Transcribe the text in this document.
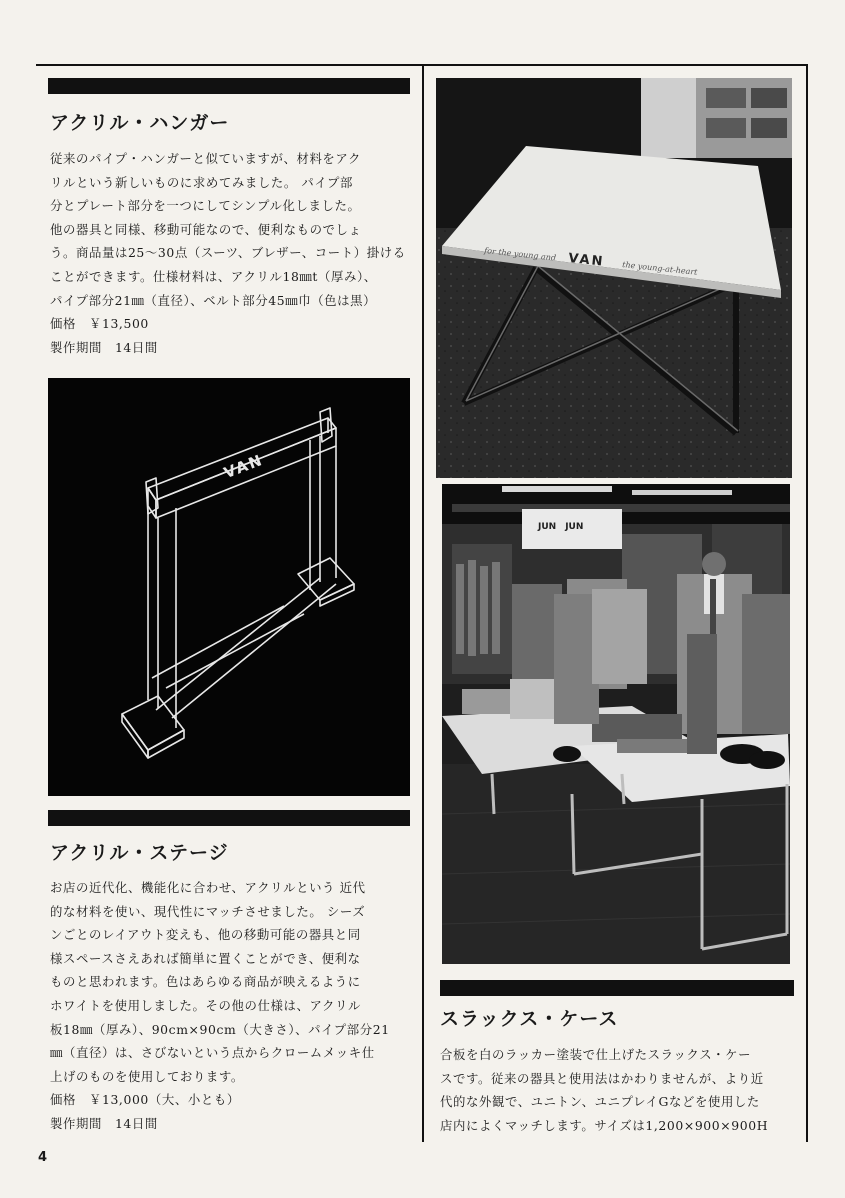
アクリル・ハンガー

従来のパイプ・ハンガーと似ていますが、材料をアク

リルという新しいものに求めてみました。 パイプ部

分とプレート部分を一つにしてシンプル化しました。

他の器具と同様、移動可能なので、便利なものでしょ

う。商品量は25～30点（スーツ、ブレザー、コート）掛ける

ことができます。仕様材料は、アクリル18㎜t（厚み）、

パイプ部分21㎜（直径）、ベルト部分45㎜巾（色は黒）

価格　￥13,500

製作期間　14日間

VAN
アクリル・ステージ

お店の近代化、機能化に合わせ、アクリルという 近代

的な材料を使い、現代性にマッチさせました。 シーズ

ンごとのレイアウト変えも、他の移動可能の器具と同

様スペースさえあれば簡単に置くことができ、便利な

ものと思われます。色はあらゆる商品が映えるように

ホワイトを使用しました。その他の仕様は、アクリル

板18㎜（厚み）、90cm×90cm（大きさ）、パイプ部分21

㎜（直径）は、さびないという点からクロームメッキ仕

上げのものを使用しております。

価格　￥13,000（大、小とも）

製作期間　14日間

for the young and VAN the young-at-heart
JUN　JUN
スラックス・ケース

合板を白のラッカー塗装で仕上げたスラックス・ケー

スです。従来の器具と使用法はかわりませんが、より近

代的な外観で、ユニトン、ユニプレイGなどを使用した

店内によくマッチします。サイズは1,200×900×900H

4
